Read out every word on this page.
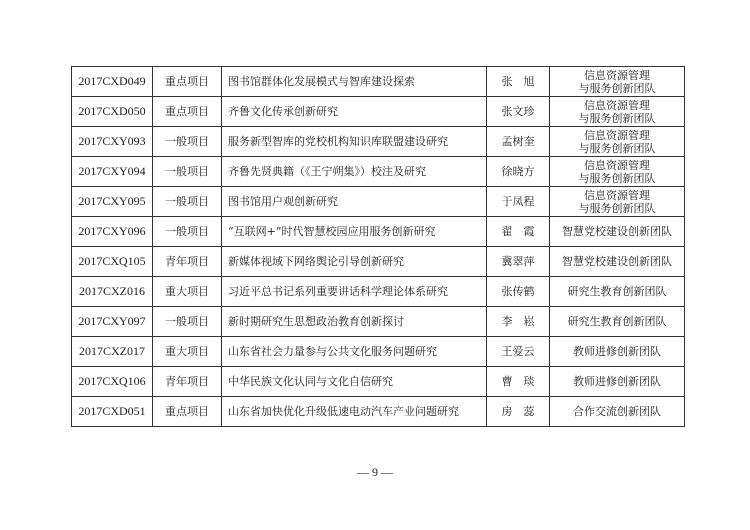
2017CXD049	重点项目	图书馆群体化发展模式与智库建设探索	张　旭	信息资源管理
与服务创新团队
2017CXD050	重点项目	齐鲁文化传承创新研究	张文珍	信息资源管理
与服务创新团队
2017CXY093	一般项目	服务新型智库的党校机构知识库联盟建设研究	孟树奎	信息资源管理
与服务创新团队
2017CXY094	一般项目	齐鲁先贤典籍（《王宁朔集》）校注及研究	徐晓方	信息资源管理
与服务创新团队
2017CXY095	一般项目	图书馆用户观创新研究	于凤程	信息资源管理
与服务创新团队
2017CXY096	一般项目	“互联网+”时代智慧校园应用服务创新研究	翟　霞	智慧党校建设创新团队
2017CXQ105	青年项目	新媒体视域下网络舆论引导创新研究	冀翠萍	智慧党校建设创新团队
2017CXZ016	重大项目	习近平总书记系列重要讲话科学理论体系研究	张传鹤	研究生教育创新团队
2017CXY097	一般项目	新时期研究生思想政治教育创新探讨	李　崧	研究生教育创新团队
2017CXZ017	重大项目	山东省社会力量参与公共文化服务问题研究	王爱云	教师进修创新团队
2017CXQ106	青年项目	中华民族文化认同与文化自信研究	曹　琰	教师进修创新团队
2017CXD051	重点项目	山东省加快优化升级低速电动汽车产业问题研究	房　蕊	合作交流创新团队
— 9 —
